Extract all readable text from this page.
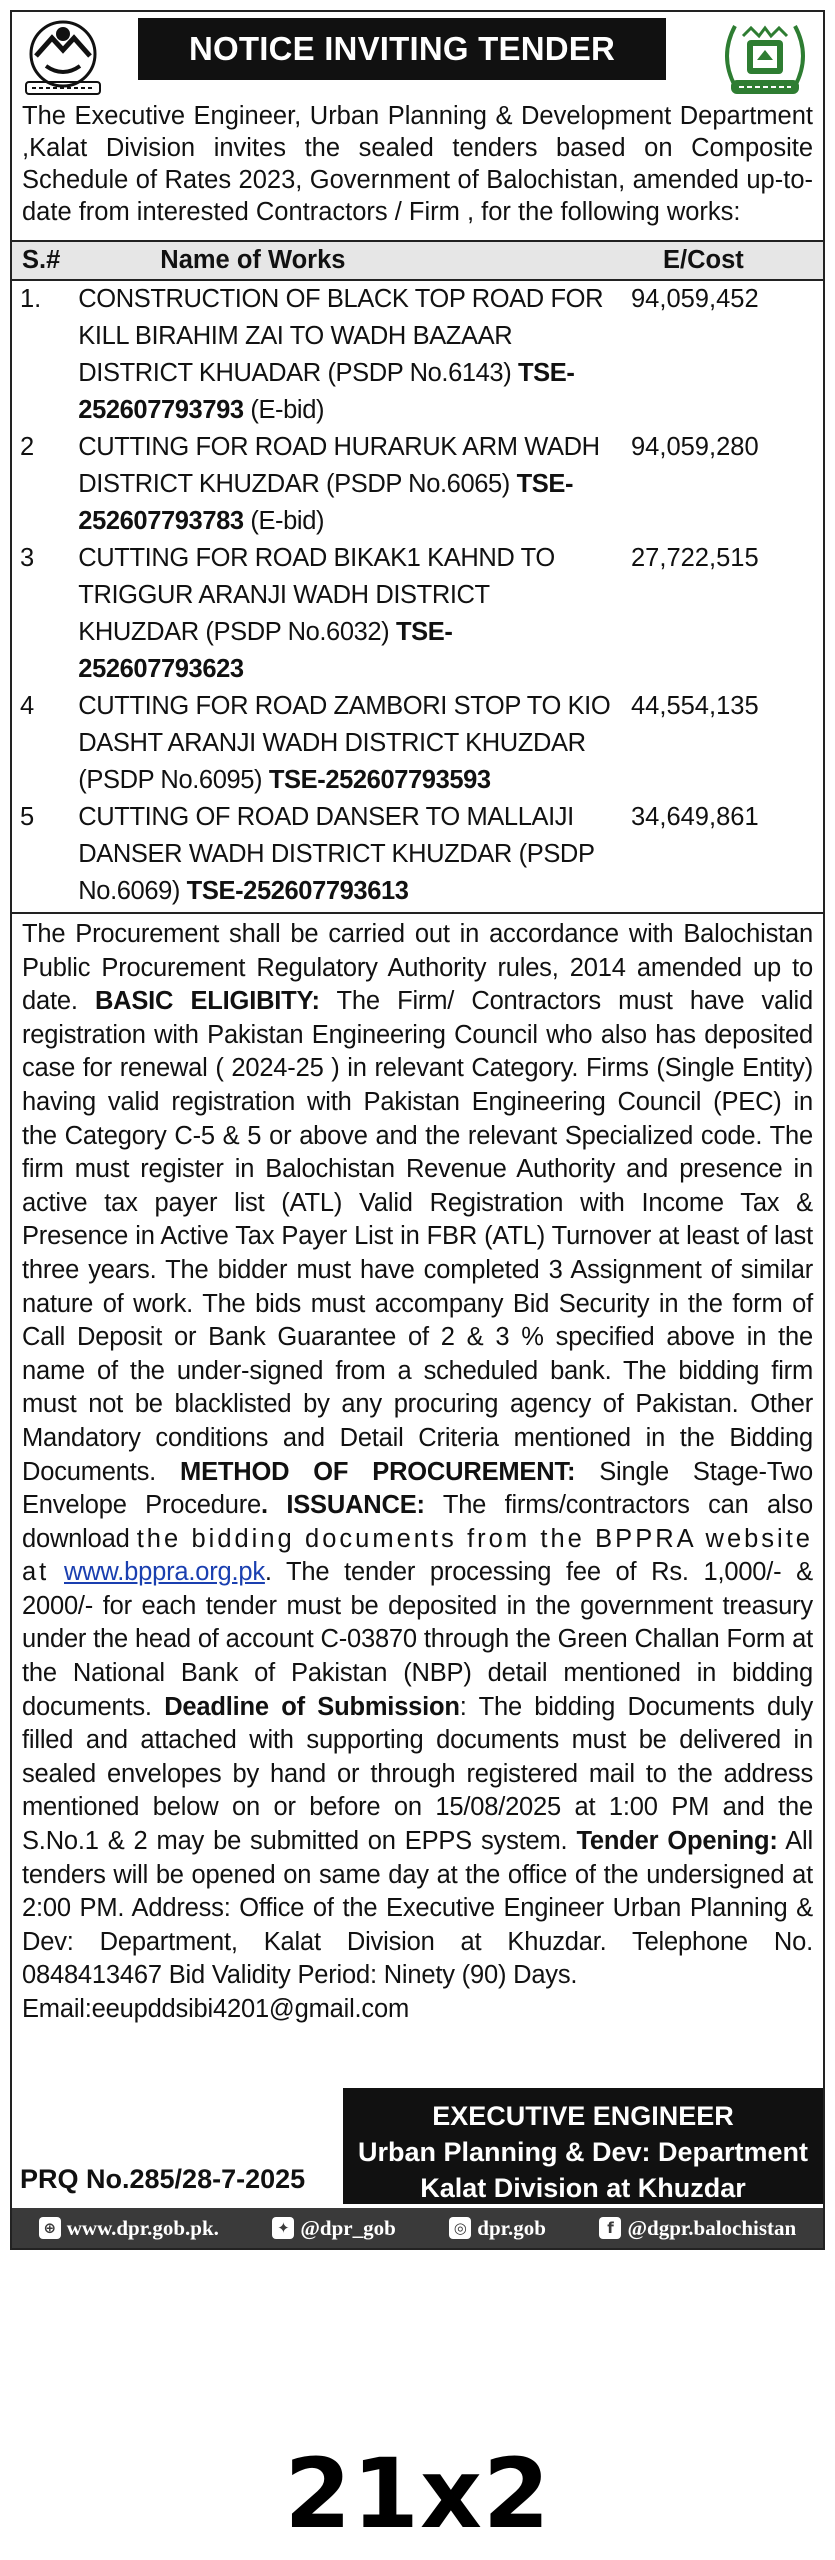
NOTICE INVITING TENDER
The Executive Engineer, Urban Planning & Development Department ,Kalat Division invites the sealed tenders based on Composite Schedule of Rates 2023, Government of Balochistan, amended up-to-date from interested Contractors / Firm , for the following works:
S.#	Name of Works	E/Cost
1.	CONSTRUCTION OF BLACK TOP ROAD FOR KILL BIRAHIM ZAI TO WADH BAZAAR DISTRICT KHUADAR (PSDP No.6143) TSE-252607793793 (E-bid)	94,059,452
2	CUTTING FOR ROAD HURARUK ARM WADH DISTRICT KHUZDAR (PSDP No.6065) TSE-252607793783 (E-bid)	94,059,280
3	CUTTING FOR ROAD BIKAK1 KAHND TO TRIGGUR ARANJI WADH DISTRICT KHUZDAR (PSDP No.6032) TSE-252607793623	27,722,515
4	CUTTING FOR ROAD ZAMBORI STOP TO KIO DASHT ARANJI WADH DISTRICT KHUZDAR (PSDP No.6095) TSE-252607793593	44,554,135
5	CUTTING OF ROAD DANSER TO MALLAIJI DANSER WADH DISTRICT KHUZDAR (PSDP No.6069) TSE-252607793613	34,649,861
The Procurement shall be carried out in accordance with Balochistan Public Procurement Regulatory Authority rules, 2014 amended up to date. BASIC ELIGIBITY: The Firm/ Contractors must have valid registration with Pakistan Engineering Council who also has deposited case for renewal ( 2024-25 ) in relevant Category. Firms (Single Entity) having valid registration with Pakistan Engineering Council (PEC) in the Category C-5 & 5 or above and the relevant Specialized code. The firm must register in Balochistan Revenue Authority and presence in active tax payer list (ATL) Valid Registration with Income Tax & Presence in Active Tax Payer List in FBR (ATL) Turnover at least of last three years. The bidder must have completed 3 Assignment of similar nature of work. The bids must accompany Bid Security in the form of Call Deposit or Bank Guarantee of 2 & 3 % specified above in the name of the under-signed from a scheduled bank. The bidding firm must not be blacklisted by any procuring agency of Pakistan. Other Mandatory conditions and Detail Criteria mentioned in the Bidding Documents. METHOD OF PROCUREMENT: Single Stage-Two Envelope Procedure. ISSUANCE: The firms/contractors can also download the bidding documents from the BPPRA website at www.bppra.org.pk. The tender processing fee of Rs. 1,000/- & 2000/- for each tender must be deposited in the government treasury under the head of account C-03870 through the Green Challan Form at the National Bank of Pakistan (NBP) detail mentioned in bidding documents. Deadline of Submission: The bidding Documents duly filled and attached with supporting documents must be delivered in sealed envelopes by hand or through registered mail to the address mentioned below on or before on 15/08/2025 at 1:00 PM and the S.No.1 & 2 may be submitted on EPPS system. Tender Opening: All tenders will be opened on same day at the office of the undersigned at 2:00 PM. Address: Office of the Executive Engineer Urban Planning & Dev: Department, Kalat Division at Khuzdar. Telephone No. 0848413467 Bid Validity Period: Ninety (90) Days.
Email:eeupddsibi4201@gmail.com
PRQ No.285/28-7-2025
EXECUTIVE ENGINEER
Urban Planning & Dev: Department
Kalat Division at Khuzdar
⊕ www.dpr.gob.pk.	✦ @dpr_gob	◎ dpr.gob	f @dgpr.balochistan
21x2
